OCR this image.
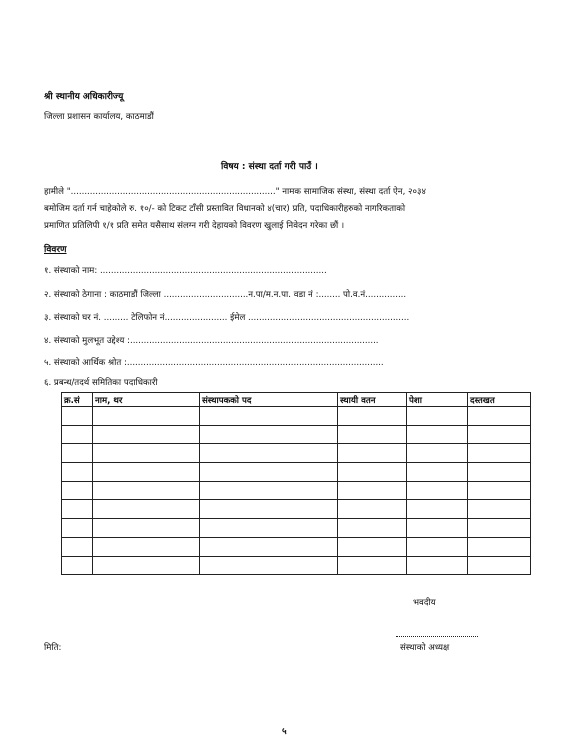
श्री स्थानीय अधिकारीज्यू
जिल्ला प्रशासन कार्यालय, काठमाडौं
विषय : संस्था दर्ता गरी पाउँ ।
हामीले "..........................................................................." नामक सामाजिक संस्था, संस्था दर्ता ऐन, २०३४
बमोजिम दर्ता गर्न चाहेकोले रु. १०/- को टिकट टाँसी प्रस्तावित विधानको ४(चार) प्रति, पदाधिकारीहरुको नागरिकताको
प्रमाणित प्रतिलिपी १/१ प्रति समेत यसैसाथ संलग्न गरी देहायको विवरण खुलाई निवेदन गरेका छौं ।
विवरण
१. संस्थाको नाम: ...................................................................................
२. संस्थाको ठेगाना : काठमाडौं जिल्ला ...............................न.पा/म.न.पा. वडा नं :........ पो.व.नं...............
३. संस्थाको घर नं. ......... टेलिफोन नं....................... ईमेल ...........................................................
४. संस्थाको मुलभूत उद्देश्य :...........................................................................................
५. संस्थाको आर्थिक श्रोत :..............................................................................................
६. प्रबन्ध/तदर्थ समितिका पदाधिकारी
क्र.सं	नाम, थर	संस्थापकको पद	स्थायी वतन	पेशा	दस्तखत

भवदीय
मिति:	संस्थाको अध्यक्ष
५
